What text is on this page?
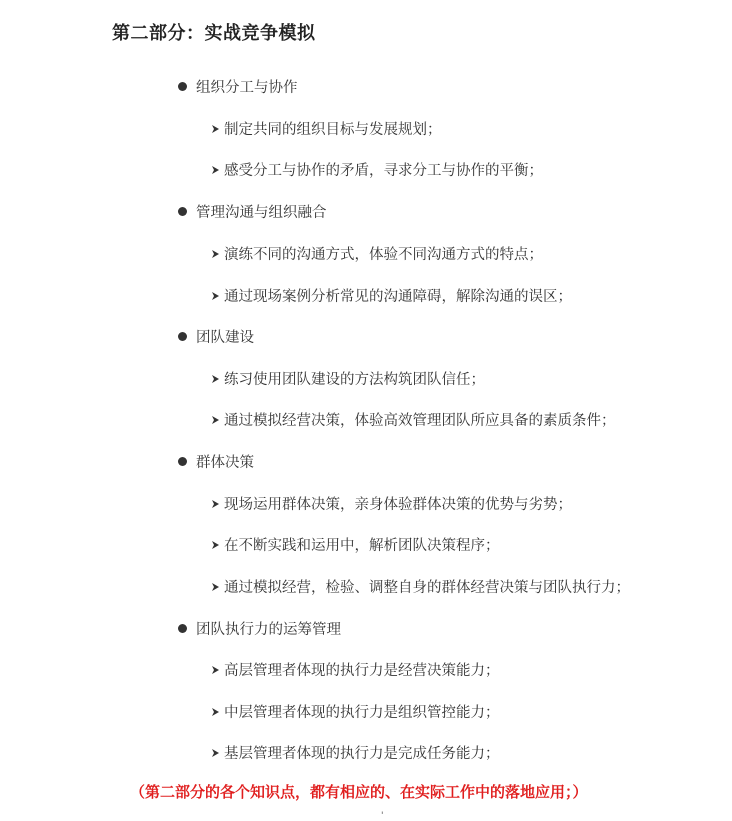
第二部分：实战竞争模拟
组织分工与协作
制定共同的组织目标与发展规划；
感受分工与协作的矛盾，寻求分工与协作的平衡；
管理沟通与组织融合
演练不同的沟通方式，体验不同沟通方式的特点；
通过现场案例分析常见的沟通障碍，解除沟通的误区；
团队建设
练习使用团队建设的方法构筑团队信任；
通过模拟经营决策，体验高效管理团队所应具备的素质条件；
群体决策
现场运用群体决策，亲身体验群体决策的优势与劣势；
在不断实践和运用中，解析团队决策程序；
通过模拟经营，检验、调整自身的群体经营决策与团队执行力；
团队执行力的运筹管理
高层管理者体现的执行力是经营决策能力；
中层管理者体现的执行力是组织管控能力；
基层管理者体现的执行力是完成任务能力；
（第二部分的各个知识点，都有相应的、在实际工作中的落地应用；）
'
